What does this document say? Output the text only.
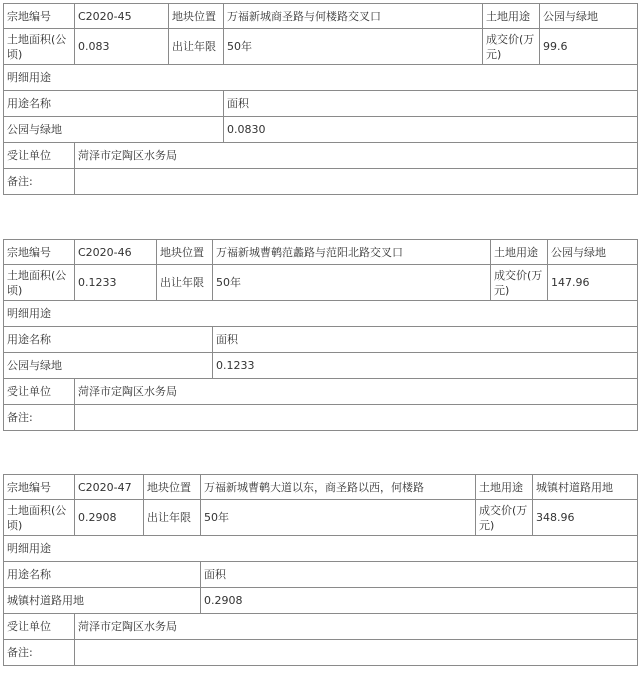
宗地编号	C2020-45	地块位置	万福新城商圣路与何楼路交叉口	土地用途	公园与绿地
土地面积(公顷)	0.083	出让年限	50年	成交价(万元)	99.6
明细用途					
用途名称			面积		
公园与绿地			0.0830		
受让单位	菏泽市定陶区水务局				
备注:					
宗地编号	C2020-46	地块位置	万福新城曹鹌范蠡路与范阳北路交叉口	土地用途	公园与绿地
土地面积(公顷)	0.1233	出让年限	50年	成交价(万元)	147.96
明细用途					
用途名称			面积		
公园与绿地			0.1233		
受让单位	菏泽市定陶区水务局				
备注:					
宗地编号	C2020-47	地块位置	万福新城曹鹌大道以东，商圣路以西，何楼路	土地用途	城镇村道路用地
土地面积(公顷)	0.2908	出让年限	50年	成交价(万元)	348.96
明细用途					
用途名称			面积		
城镇村道路用地			0.2908		
受让单位	菏泽市定陶区水务局				
备注:					
